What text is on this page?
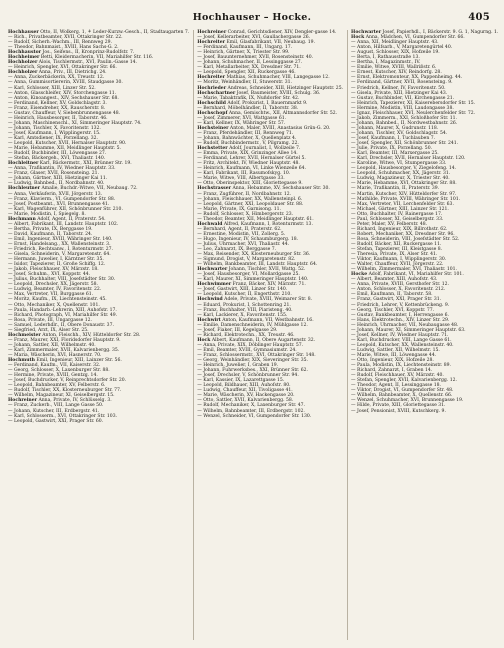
Hochhauser – Hocke.	405
Hochhauser Otto, II, Wolkerg. 1, ⚘ Leder-Kurzw.-Gesch., II, Stadtaugarten 7.
— Rich., Privatbeamter, XVII, Ottakringer Str. 22.
— Rudolf, Sicherh.-Wachm., III, Rennweg 29.
— Theodor, Bahnmaist., XVIII, Hans Sachs-G. 2.
Hochhaustor Jos., Seifens., II, Kronprinz-Rudolfstr. 7.
Hochheimer Betti, Kleidermacherin, VII, Mariahilfer Str. 116.
Hochholzer Alois, Tischlermstr., XVI, Paulin.-Gasse 14.
— Heinrich, Spengler, XVI, Ottakringer Str. 66.
Hochholzer Anna, Priv., III, Dietrichg. 24.
— Anna, Zuckerbäckerin, XX, Treustr. 12.
— Anna, Gummisortiererin, XVIII, Staudgasse 30.
— Karl, Schlosser, XIII, Linzer Str. 52.
— Anton, Glasschleifer, XIV, Storchengasse 11.
— Anton, Kinoangest., XIV, Sechshauser Str. 68.
— Ferdinand, Kellner, XV, Goldschlagstr. 3.
— Franz, Eisendreher, XX, Rauscherstr. 8.
— Gustav, Chauffeur, V, Siebenbrunnengasse 48.
— Heinrich, Hausbesorger, II, Taborstr. 46.
— Johann, Maschinenschl., XI, Simmeringer Hauptstr. 74.
— Johann, Tischler, X, Favoritenstr. 132.
— Josef, Kaufmann, I, Wipplingerstr. 15.
— Karl, Amtsdiener, IX, Porzellang. 32.
— Leopold, Kutscher, XVII, Hernalser Hauptstr. 90.
— Marie, Hebamme, XII, Meidlinger Hauptstr. 5.
— Rudolf, Buchbinder, III, Löwengasse 27.
— Stefan, Bäckergeh., XVI, Thaliastr. 140.
Hochleitner Karl, Bäckermstr., XXI, Brünner Str. 19.
— Anna, Trafikantin, IV, Wiedner Hauptstr. 33.
— Franz, Glaser, XVII, Rosensteing. 21.
— Johann, Gärtner, XIII, Hietzinger Kai 11.
— Ludwig, Bahnbed., II, Nordbahnstr. 40.
Hochleutner Amalie, Buchdr.-Witwe, VII, Neubaug. 72.
— Anna, Verkäuferin, XVII, Jörgerstr. 13.
— Franz, Klavierm., VI, Gumpendorfer Str. 88.
— Josef, Postbeamt., XVI, Brunnengasse 41.
— Karl, Wagenführer, XII, Schönbrunner Str. 210.
— Marie, Modistin, I, Spiegelg. 8.
Hochmann Adolf, Agent, II, Praterstr. 54.
— Albert, Fabrikant, III, Landstr. Hauptstr. 102.
— Bertha, Private, IX, Berggasse 19.
— David, Kaufmann, II, Taborstr. 24.
— Emil, Ingenieur, XVIII, Währinger Str. 140.
— Ernst, Handelsang., XX, Wallensteinstr. 3.
— Friedrich, Rechtsanw., I, Rotenturmstr. 27.
— Gisela, Schneiderin, V, Margaretenstr. 64.
— Hermann, Juwelier, I, Kärntner Str. 35.
— Isidor, Tapezierer, II, Große Schiffg. 12.
— Jakob, Fleischhauer, XV, Märzstr. 18.
— Josef, Schuhm., XVI, Koppstr. 44.
— Julius, Buchhalter, VIII, Josefstädter Str. 30.
— Leopold, Drechsler, XX, Jägerstr. 58.
— Ludwig, Beamter, IV, Favoritenstr. 22.
— Max, Vertreter, VII, Burggasse 61.
— Moritz, Kaufm., IX, Liechtensteinstr. 45.
— Otto, Mechaniker, X, Quellenstr. 101.
— Paula, Handarb.-Lehrerin, XIII, Auhofstr. 17.
— Richard, Photograph, VI, Mariahilfer Str. 49.
— Rosa, Private, III, Ungargasse 12.
— Samuel, Lederhdlr., II, Obere Donaustr. 37.
— Siegfried, Arzt, IX, Alser Str. 25.
Hochmeister Anton, Fleischh., XIV, Hütteldorfer Str. 28.
— Franz, Maurer, XXI, Floridsdorfer Hauptstr. 9.
— Johann, Sattler, XII, Wilhelmstr. 40.
— Karl, Zimmermaler, XVII, Kalvarienbergg. 35.
— Maria, Wäscherin, XVI, Hasnerstr. 70.
Hochmuth Emil, Ingenieur, XIII, Lainzer Str. 56.
— Ferdinand, Kaufm., VII, Kaiserstr. 32.
— Georg, Schlosser, X, Laxenburger Str. 88.
— Hermine, Private, XVIII, Gentzg. 14.
— Josef, Buchdrucker, V, Reinprechtsdorfer Str. 20.
— Leopold, Bahnbeamter, XV, Felberstr. 6.
— Rudolf, Tischler, XX, Klosterneuburger Str. 77.
— Wilhelm, Magazineur, XI, Geiselbergstr. 15.
Hochreiner Anna, Private, IV, Schlüsselg. 3.
— Franz, Zuckerb., VIII, Lange Gasse 50.
— Johann, Kutscher, III, Erdbergstr. 41.
— Karl, Schlosserm., XVI, Ottakringer Str. 103.
— Leopold, Gastwirt, XXI, Prager Str. 60.
Hochreiner Conrad, Gerichtsdiener, XIV, Dengler-gasse 14.
— Josef, Kellerarbeiter, XVI, Gaullachergasse 26.
Hochreiter Emil, Glasfabrikant, VII, Neubaug. 19.
— Ferdinand, Kaufmann, III, Ungarg. 17.
— Heinrich, Gärtner, X, Triester Str. 99.
— Josef, Bauunternehmer, XVII, Rosensteinstr. 40.
— Johann, Schuhmacher, II, Lessinggasse 27.
— Karl, Metallarbeiter, XX, Dresdner Str. 71.
— Leopold, Spengler, XII, Ruckergasse 46.
Hochreiter Mathias, Schuhmacher, VIII, Langegasse 12.
— Moritz, Weinhändler, II, Stuwerstr. 31.
Hochrieder Andreas, Schneider, XIII, Hietzinger Hauptstr. 25.
Hochschartner Josef, Baumeister, XVIII, Schulg. 36.
— Marie, Tabaktrafik, IX, Nußdorfer Str. 42.
Hochschild Adolf, Prokurist, I, Bauernmarkt 9.
— Bernhard, Möbelhändler, II, Taborstr. 38.
Hochschopf Anna, Gemischtw., XII, Altmannsdorfer Str. 52.
— Josef, Zimmerer, XVI, Wattgasse 61.
— Karl, Kellner, IX, Währinger Str. 57.
Hochsteiner Anton, Maler, XVIII, Anastasius Grün-G. 20.
— Franz, Pferdehändler, III, Rennweg 71.
— Johann, Bahnwächter, X, Quellenplatz 4.
— Rudolf, Buchbindermstr., V, Pilgramg. 22.
Hochstetter Adolf, Journalist, I, Wollzeile 7.
— Emma, Private, XIX, Grinzinger Allee 14.
— Ferdinand, Lehrer, XVII, Hernalser Gürtel 5.
— Fritz, Architekt, IV, Wiedner Hauptstr. 48.
— Heinrich, Kaufmann, VI, Linke Wienzeile 64.
— Karl, Fabrikant, III, Rasumofskyg. 10.
— Marie, Witwe, VIII, Albertgasse 33.
— Otto, Oberinspektor, XIII, Gloriettegasse 9.
Hochstrasser Anna, Hebamme, XV, Sechshauser Str. 30.
— Franz, Zugführer, II, Nordbahnstr. 12.
— Johann, Fleischhauer, XX, Wallensteinpl. 6.
— Leopold, Gärtner, XXI, Leopoldauer Str. 88.
— Marie, Private, IX, Garnisong. 11.
— Rudolf, Schlosser, X, Himbergerstr. 23.
— Theodor, Beamter, XII, Meidlinger Hauptstr. 61.
Hochwald Alfred, Kaufmann, I, Rotenturmstr. 13.
— Bernhard, Agent, II, Praterstr. 62.
— Ernestine, Modistin, VII, Zollerg. 5.
— Hugo, Ingenieur, IV, Schaumburgerg. 18.
— Julius, Uhrmacher, XVI, Thaliastr. 44.
— Leo, Zahnarzt, IX, Berggasse 7.
— Max, Reisender, XX, Klosterneuburger Str. 36.
— Sigmund, Drogist, V, Margaretenstr. 82.
— Wilhelm, Bankbeamter, III, Landstr. Hauptstr. 64.
Hochwarter Johann, Tischler, XVII, Wattg. 52.
— Josef, Hausbesorger, VI, Mollardgasse 25.
— Karl, Maurer, XI, Simmeringer Hauptstr. 140.
Hochwimmer Franz, Bäcker, XIV, Märzstr. 71.
— Josef, Gastwirt, XIII, Linzer Str. 140.
— Leopold, Kutscher, II, Engerthstr. 210.
Hochwind Adele, Private, XVIII, Weimarer Str. 8.
— Eduard, Prokurist, I, Schottenring 21.
— Franz, Buchhalter, VIII, Piaristeng. 40.
— Karl, Lackierer, X, Favoritenstr. 155.
Hochwirt Anton, Kaufmann, VII, Westbahnstr. 16.
— Emilie, Damenschneiderin, IV, Mühlgasse 12.
— Josef, Fiaker, III, Kegelgasse 29.
— Richard, Elektrotechn., XX, Treustr. 46.
Hock Albert, Kaufmann, II, Obere Augartenstr. 32.
— Anna, Private, XIX, Döblinger Hauptstr. 57.
— Emil, Beamter, XVIII, Gymnasiumstr. 24.
— Franz, Schlossermstr., XVI, Ottakringer Str. 148.
— Georg, Weinhändler, XIX, Sieveringer Str. 35.
— Heinrich, Juwelier, I, Graben 19.
— Johann, Fuhrwerksbes., XXI, Brünner Str. 62.
— Josef, Drechsler, V, Schönbrunner Str. 94.
— Karl, Kassier, IX, Lazarettgasse 15.
— Leopold, Bildhauer, XIII, Auhofstr. 80.
— Ludwig, Chauffeur, XII, Tivoligasse 41.
— Marie, Wäscherin, XV, Hackengasse 20.
— Otto, Sattler, XVII, Kalvarienbergg. 58.
— Rudolf, Mechaniker, X, Laxenburger Str. 47.
— Wilhelm, Bahnbeamter, III, Erdbergstr. 102.
— Wenzel, Schneider, VI, Gumpendorfer Str. 130.
Hochwarter Josef, Papierhdl., I, Bäckerstr. 9. G. 1, Nagurng. 1.
Hock Anna, Mädchen, VI, Gumpendorfer Str. 66.
— Anna, XII, Meidlinger Hauptstr. 43.
— Anton, Hilfsarb., V, Margaretengürtel 40.
— August, Schlosser, XIX, Hofzeile 19.
— Berta, I, Rathausstraße 13.
— Bertha, I, Magazinmstr., IV.
— Emilie, Witwe, XVIII, Wallrißstr. 6.
— Ernest, Kutscher, XIV, Reindorfg. 28.
— Ernst, Elektromonteur, XX, Pappenheimg. 44.
— Ferdinand, Gärtner, XVII, Rosensteing. 9.
— Friedrich, Kellner, IV, Favoritenstr. 50.
— Gisela, Private, XIII, Hietzinger Kai 43.
— Gustav, Buchbinder, VII, Kirchengasse 21.
— Heinrich, Tapezierer, XI, Kaiserebersdorfer Str. 15.
— Hermine, Modistin, VIII, Laudongasse 38.
— Ignaz, Fleischhauer, XVI, Neulerchenfelder Str. 72.
— Jakob, Zimmerm., XXI, Schloßhofer Str. 11.
— Johann, Bahnbed., II, Nordwestbahnstr. 26.
— Johann, Maurer, X, Gudrunstr. 118.
— Johann, Tischler, XV, Goldschlagstr. 54.
— Josef, Kaufmann, I, Tuchlauben 7.
— Josef, Spengler, XII, Schönbrunner Str. 241.
— Julie, Private, IX, Porzellang. 50.
— Karl, Beamter, III, Marxergasse 25.
— Karl, Drechsler, XVII, Hernalser Hauptstr. 120.
— Karoline, Witwe, VI, Stumpergasse 33.
— Leopold, Hausbesorger, V, Ziegelofeng. 14.
— Leopold, Schuhmacher, XX, Jägerstr. 31.
— Ludwig, Magazineur, X, Triester Str. 40.
— Marie, Hebamme, XVI, Ottakringer Str. 88.
— Marie, Trafikantin, II, Praterstr. 39.
— Martin, Kutscher, XIV, Hütteldorfer Str. 97.
— Mathilde, Private, XVIII, Währinger Str. 101.
— Max, Vertreter, VII, Lerchenfelder Str. 63.
— Michael, Gärtner, XIII, Lainzer Str. 121.
— Otto, Buchhalter, IV, Rainergasse 17.
— Paul, Schlosser, XI, Geiselbergstr. 33.
— Peter, Maler, XV, Felberstr. 48.
— Richard, Ingenieur, XIX, Billrothstr. 62.
— Robert, Mechaniker, XX, Dresdner Str. 96.
— Rosa, Schneiderin, VIII, Josefstädter Str. 52.
— Rudolf, Bäcker, XII, Ruckergasse 11.
— Stefan, Tapezierer, III, Kleistgasse 8.
— Theresia, Private, IX, Alser Str. 41.
— Viktor, Kaufmann, I, Wipplingerstr. 30.
— Walter, Chauffeur, XVII, Jörgerstr. 22.
— Wilhelm, Zimmermaler, XVI, Thaliastr. 101.
Hocke Adolf, Fabrikant, VI, Mariahilfer Str. 101.
— Albert, Beamter, XIII, Auhofstr. 43.
— Anna, Private, XVIII, Gersthofer Str. 12.
— Anton, Schlosser, X, Favoritenstr. 212.
— Emil, Kaufmann, II, Taborstr. 58.
— Franz, Gastwirt, XXI, Prager Str. 31.
— Friedrich, Lehrer, V, Kettenbrückeng. 9.
— Georg, Tischler, XVI, Koppstr. 77.
— Gustav, Bankbeamter, I, Herrengasse 6.
— Hans, Elektrotechn., XIV, Linzer Str. 29.
— Heinrich, Uhrmacher, VII, Neubaugasse 48.
— Johann, Maurer, XI, Simmeringer Hauptstr. 63.
— Josef, Kellner, IV, Wiedner Hauptstr. 71.
— Karl, Buchdrucker, VIII, Lange Gasse 61.
— Leopold, Kutscher, XX, Wallensteinstr. 40.
— Ludwig, Sattler, XII, Wilhelmstr. 15.
— Marie, Witwe, III, Löwengasse 44.
— Otto, Ingenieur, XIX, Hofzeile 28.
— Paula, Modistin, IX, Liechtensteinstr. 89.
— Richard, Zahnarzt, I, Graben 14.
— Rudolf, Fleischhauer, XV, Märzstr. 40.
— Stefan, Spengler, XVII, Kalvarienbergg. 12.
— Theodor, Agent, II, Lessinggasse 18.
— Viktor, Drogist, VI, Gumpendorfer Str. 48.
— Wilhelm, Bahnbeamter, X, Quellenstr. 66.
— Wenzel, Schuhmacher, XVI, Brunnengasse 19.
— Hilde, Private, XIII, Gloriettegasse 31.
— Josef, Pensionist, XVIII, Kutschkerg. 9.
